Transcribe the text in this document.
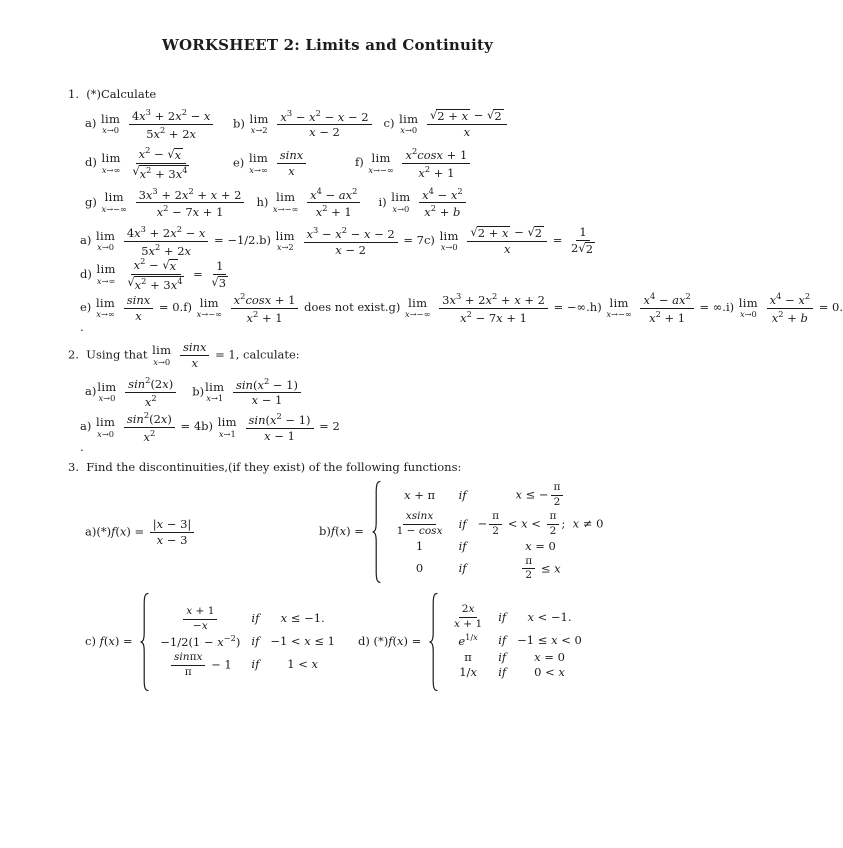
WORKSHEET 2: Limits and Continuity
1.  (*)Calculate
a) lim
x→0
$\frac{4x^3 + 2x^2 - x}{5x^2 + 2x} b$) lim
x→2
$\frac{x^3 - x^2 - x - 2}{x - 2} c$) lim
x→0
$\frac{√ 2 + x - √ 2}{x}$
d) lim
x→∞
$\frac{x^2 - √ x}{√ x^2 + 3x^4}$	e) lim
x→∞
$\frac{\sin x}{x}$	f) lim
x→−∞
$\frac{x^2\cos x + 1}{x^2 + 1}$
g) lim
x→−∞
$\frac{3x^3 + 2x^2 + x + 2}{x^2 - 7x + 1} h$) lim
x→−∞
$\frac{x^4 - ax^2}{x^2 + 1} i$) lim
x→0
$\frac{x^4 - x^2}{x^2 + b}$
a) lim
x→0
$\frac{4x^3 + 2x^2 - x}{5x^2 + 2x} = -1/2.b$) lim
x→2
$\frac{x^3 - x^2 - x - 2}{x - 2} = 7c$) lim
x→0
$\frac{√ 2 + x - √ 2}{x} = \frac{1}{2 √ 2}$
d) lim
x→∞
$\frac{x^2 - √ x}{√ x^2 + 3x^4} = \frac{1}{√ 3}$
e) lim
x→∞
$\frac{\sin x}{x} = 0.f$) lim
x→−∞
$\frac{x^2\cos x + 1}{x^2 + 1}$ does not exist.g) lim
x→−∞
$\frac{3x^3 + 2x^2 + x + 2}{x^2 - 7x + 1} = -\infty.h$) lim
x→−∞
$\frac{x^4 - ax^2}{x^2 + 1} = \infty.i$) lim
x→0
$\frac{x^4 - x^2}{x^2 + b} = 0$.
.
2.  Using that lim
x→0
$\frac{\sin x}{x} = 1$, calculate:
a) lim
x→0
$\frac{\sin^2(2x)}{x^2} b$) lim
x→1
$\frac{\sin(x^2 - 1)}{x - 1}$
a) lim
x→0
$\frac{\sin^2(2x)}{x^2} = 4b$) lim
x→1
$\frac{\sin(x^2 - 1)}{x - 1} = 2$
.
3.  Find the discontinuities,(if they exist) of the following functions:
$a)(*)f(x) = \frac{|x - 3|}{x - 3}$	b)f(x) =
x + π	if	x ≤ − $\frac{\pi}{2}$

$\frac{xsinx}{1 - \cos x}$	if	− $\frac{\pi}{2} < x < \frac{\pi}{2}$ ;  x ≠ 0
1	if	x = 0
0	if	$\frac{\pi}{2} \le x$
c) f(x) =
$\frac{x + 1}{-x}$	if	x ≤ −1.
$-1/2(1 - x^{-2})$	if	−1 < x ≤ 1

$\frac{\sin\pi x}{\pi} - 1$	if	1 < x
d) (*)f(x) =
$\frac{2x}{x + 1}$	if	x < −1.
$e^{1/x}$	if	−1 ≤ x < 0
π	if	x = 0
1/x	if	0 < x
